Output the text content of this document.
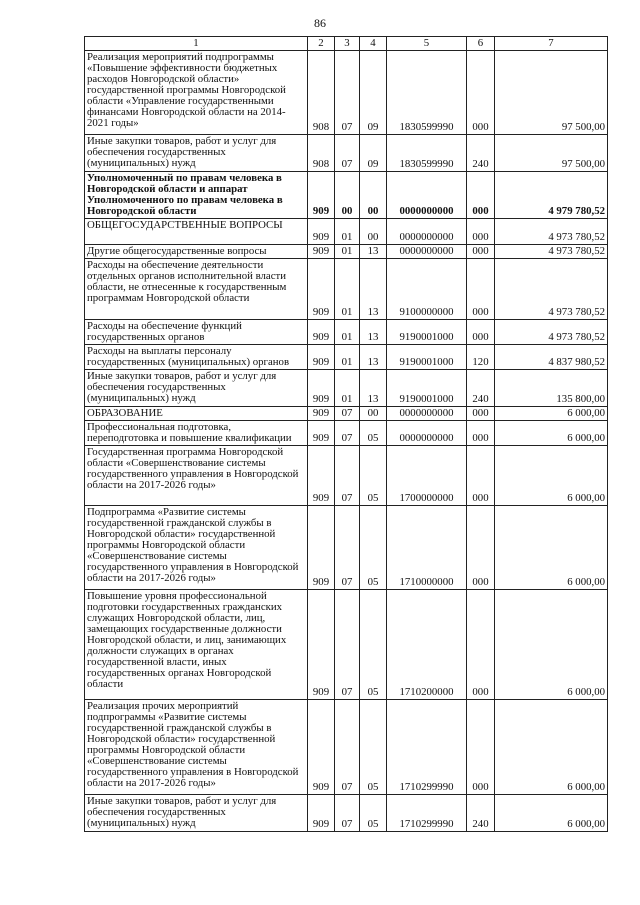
86
1	2	3	4	5	6	7
Реализация мероприятий подпрограммы «Повышение эффективности бюджетных расходов Новгородской области» государственной программы Новгородской области «Управление государственными финансами Новгородской области на 2014-2021 годы»	908	07	09	1830599990	000	97 500,00
Иные закупки товаров, работ и услуг для обеспечения государственных (муниципальных) нужд	908	07	09	1830599990	240	97 500,00
Уполномоченный по правам человека в Новгородской области и аппарат Уполномоченного по правам человека в Новгородской области	909	00	00	0000000000	000	4 979 780,52
ОБЩЕГОСУДАРСТВЕННЫЕ ВОПРОСЫ	909	01	00	0000000000	000	4 973 780,52
Другие общегосударственные вопросы	909	01	13	0000000000	000	4 973 780,52
Расходы на обеспечение деятельности отдельных органов исполнительной власти области, не отнесенные к государственным программам Новгородской области	909	01	13	9100000000	000	4 973 780,52
Расходы на обеспечение функций государственных органов	909	01	13	9190001000	000	4 973 780,52
Расходы на выплаты персоналу государственных (муниципальных) органов	909	01	13	9190001000	120	4 837 980,52
Иные закупки товаров, работ и услуг для обеспечения государственных (муниципальных) нужд	909	01	13	9190001000	240	135 800,00
ОБРАЗОВАНИЕ	909	07	00	0000000000	000	6 000,00
Профессиональная подготовка, переподготовка и повышение квалификации	909	07	05	0000000000	000	6 000,00
Государственная программа Новгородской области «Совершенствование системы государственного управления в Новгородской области на 2017-2026 годы»	909	07	05	1700000000	000	6 000,00
Подпрограмма «Развитие системы государственной гражданской службы в Новгородской области» государственной программы Новгородской области «Совершенствование системы государственного управления в Новгородской области на 2017-2026 годы»	909	07	05	1710000000	000	6 000,00
Повышение уровня профессиональной подготовки государственных гражданских служащих Новгородской области, лиц, замещающих государственные должности Новгородской области, и лиц, занимающих должности служащих в органах государственной власти, иных государственных органах Новгородской области	909	07	05	1710200000	000	6 000,00
Реализация прочих мероприятий подпрограммы «Развитие системы государственной гражданской службы в Новгородской области» государственной программы Новгородской области «Совершенствование системы государственного управления в Новгородской области на 2017-2026 годы»	909	07	05	1710299990	000	6 000,00
Иные закупки товаров, работ и услуг для обеспечения государственных (муниципальных) нужд	909	07	05	1710299990	240	6 000,00
